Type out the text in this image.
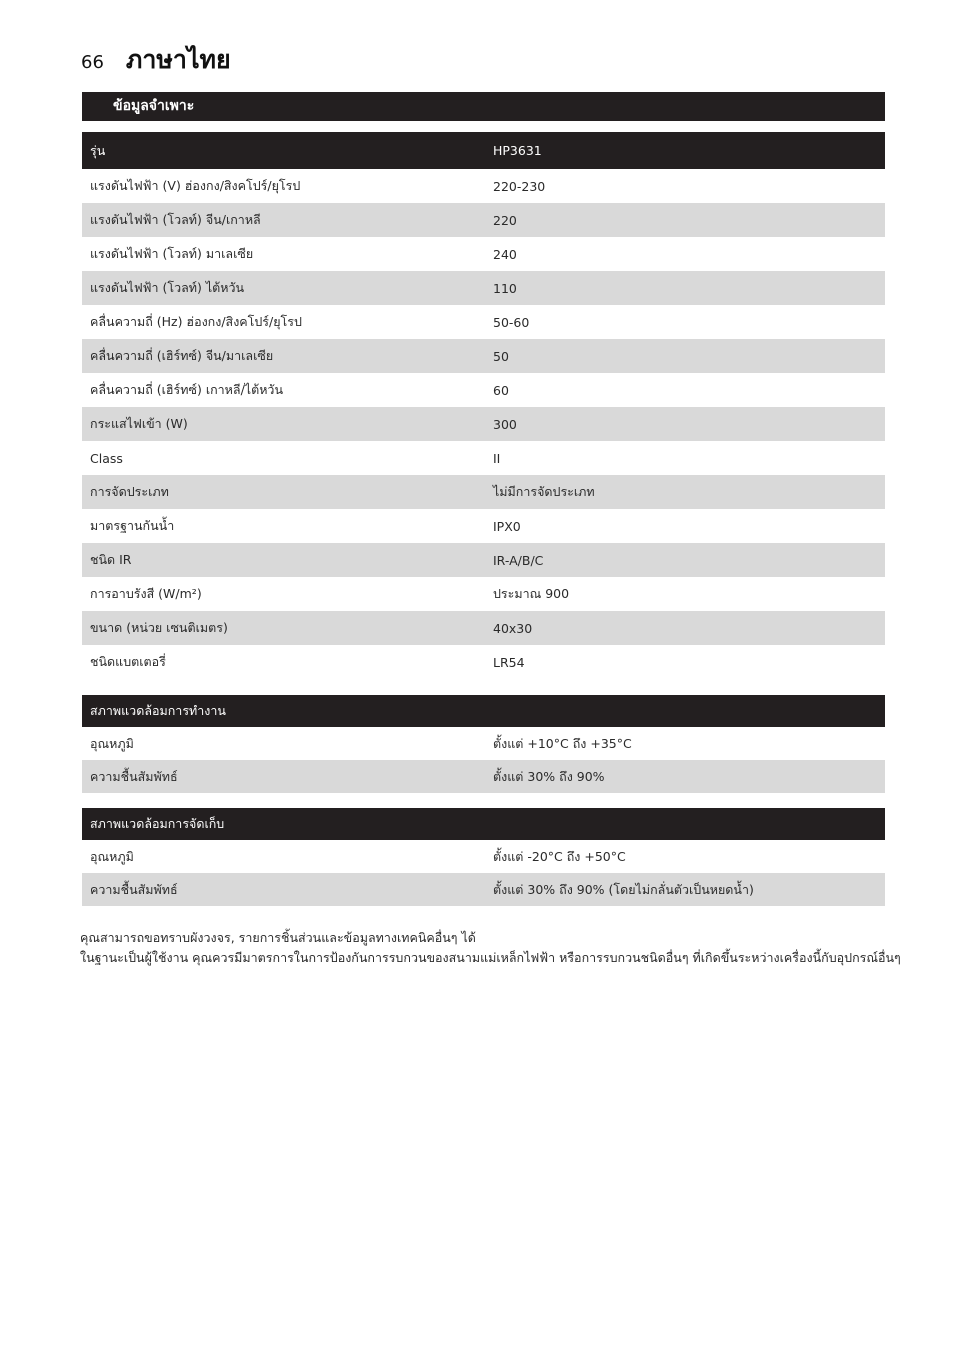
66 ภาษาไทย
ข้อมูลจำเพาะ
รุ่น	HP3631
แรงดันไฟฟ้า (V) ฮ่องกง/สิงคโปร์/ยุโรป	220-230
แรงดันไฟฟ้า (โวลท์) จีน/เกาหลี	220
แรงดันไฟฟ้า (โวลท์) มาเลเซีย	240
แรงดันไฟฟ้า (โวลท์) ไต้หวัน	110
คลื่นความถี่ (Hz) ฮ่องกง/สิงคโปร์/ยุโรป	50-60
คลื่นความถี่ (เฮิร์ทซ์) จีน/มาเลเซีย	50
คลื่นความถี่ (เฮิร์ทซ์) เกาหลี/ไต้หวัน	60
กระแสไฟเข้า (W)	300
Class	II
การจัดประเภท	ไม่มีการจัดประเภท
มาตรฐานกันน้ำ	IPX0
ชนิด IR	IR-A/B/C
การอาบรังสี (W/m²)	ประมาณ 900
ขนาด (หน่วย เซนติเมตร)	40x30
ชนิดแบตเตอรี่	LR54
สภาพแวดล้อมการทำงาน	
อุณหภูมิ	ตั้งแต่ +10°C ถึง +35°C
ความชื้นสัมพัทธ์	ตั้งแต่ 30% ถึง 90%
สภาพแวดล้อมการจัดเก็บ	
อุณหภูมิ	ตั้งแต่ -20°C ถึง +50°C
ความชื้นสัมพัทธ์	ตั้งแต่ 30% ถึง 90% (โดยไม่กลั่นตัวเป็นหยดน้ำ)

คุณสามารถขอทราบผังวงจร, รายการชิ้นส่วนและข้อมูลทางเทคนิคอื่นๆ ได้

ในฐานะเป็นผู้ใช้งาน คุณควรมีมาตรการในการป้องกันการรบกวนของสนามแม่เหล็กไฟฟ้า หรือการรบกวนชนิดอื่นๆ ที่เกิดขึ้นระหว่างเครื่องนี้กับอุปกรณ์อื่นๆ
